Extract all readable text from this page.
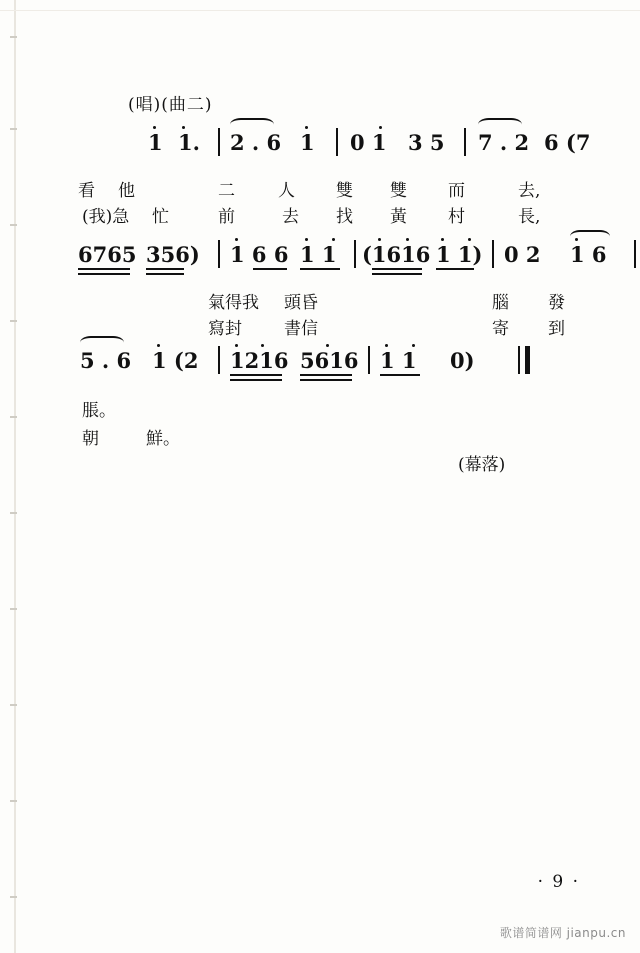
(唱)(曲二)
1 1. 2 . 6 1 0 1 3 5 7 . 2 6 (7
看
他	二	人 雙 雙 而	去,
(我)急 忙	前	去 找 黃 村	長,
6765 356) 1 6 6 1 1 (1616 1 1) 0 2 1 6
氣得我 頭昏	腦 發
寫封 書信	寄 到
5 . 6 1 (2 1216 5616 1 1 0)
脹。
朝	鮮。
(幕落)
· 9 ·
歌谱简谱网 jianpu.cn
